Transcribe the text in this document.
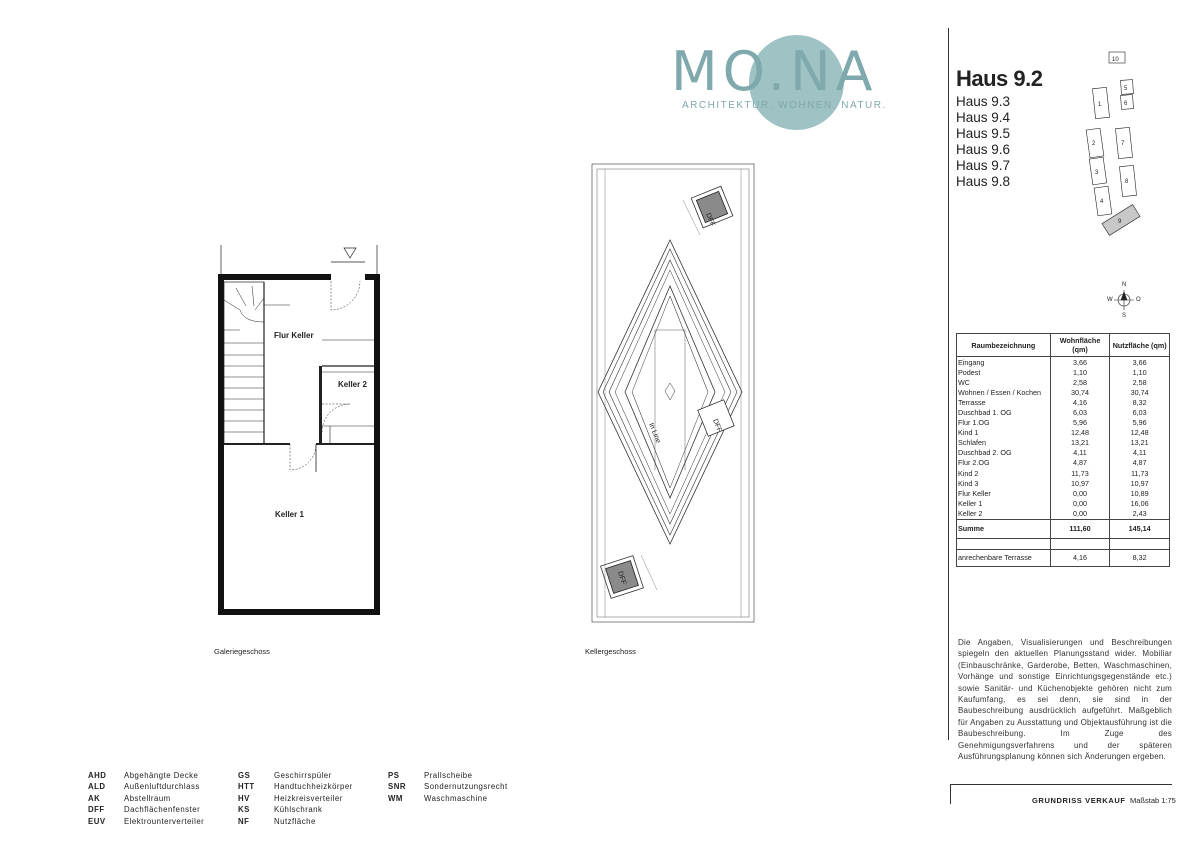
10
5
6
1
2	7
3
8
4
9
Flur Keller
Keller 2
Keller 1
DFF
DFF
DFF
In Line
MO.NA
ARCHITEKTUR. WOHNEN. NATUR.
Haus 9.2
Haus 9.3
Haus 9.4
Haus 9.5
Haus 9.6
Haus 9.7
Haus 9.8
N
O
S
W
Raumbezeichnung	Wohnfläche (qm)	Nutzfläche (qm)
Eingang	3,66	3,66
Podest	1,10	1,10
WC	2,58	2,58
Wohnen / Essen / Kochen	30,74	30,74
Terrasse	4,16	8,32
Duschbad 1. OG	6,03	6,03
Flur 1.OG	5,96	5,96
Kind 1	12,48	12,48
Schlafen	13,21	13,21
Duschbad 2. OG	4,11	4,11
Flur 2.OG	4,87	4,87
Kind 2	11,73	11,73
Kind 3	10,97	10,97
Flur Keller	0,00	10,89
Keller 1	0,00	16,06
Keller 2	0,00	2,43
Summe	111,60	145,14

anrechenbare Terrasse	4,16	8,32
Die Angaben, Visualisierungen und Beschreibungen spiegeln den aktuellen Planungsstand wider. Mobiliar (Einbauschränke, Garderobe, Betten, Waschmaschinen, Vorhänge und sonstige Einrichtungsgegenstände etc.) sowie Sanitär- und Küchenobjekte gehören nicht zum Kaufumfang, es sei denn, sie sind in der Baubeschreibung ausdrücklich aufgeführt. Maßgeblich für Angaben zu Ausstattung und Objektausführung ist die Baubeschreibung. Im Zuge des Genehmigungsverfahrens und der späteren Ausführungsplanung können sich Änderungen ergeben.
GRUNDRISS VERKAUF Maßstab 1:75
Galeriegeschoss	Kellergeschoss
AHD	Abgehängte Decke
ALD	Außenluftdurchlass
AK	Abstellraum
DFF	Dachflächenfenster
EUV	Elektrounterverteiler
GS	Geschirrspüler
HTT	Handtuchheizkörper
HV	Heizkreisverteiler
KS	Kühlschrank
NF	Nutzfläche
PS	Prallscheibe
SNR	Sondernutzungsrecht
WM	Waschmaschine
